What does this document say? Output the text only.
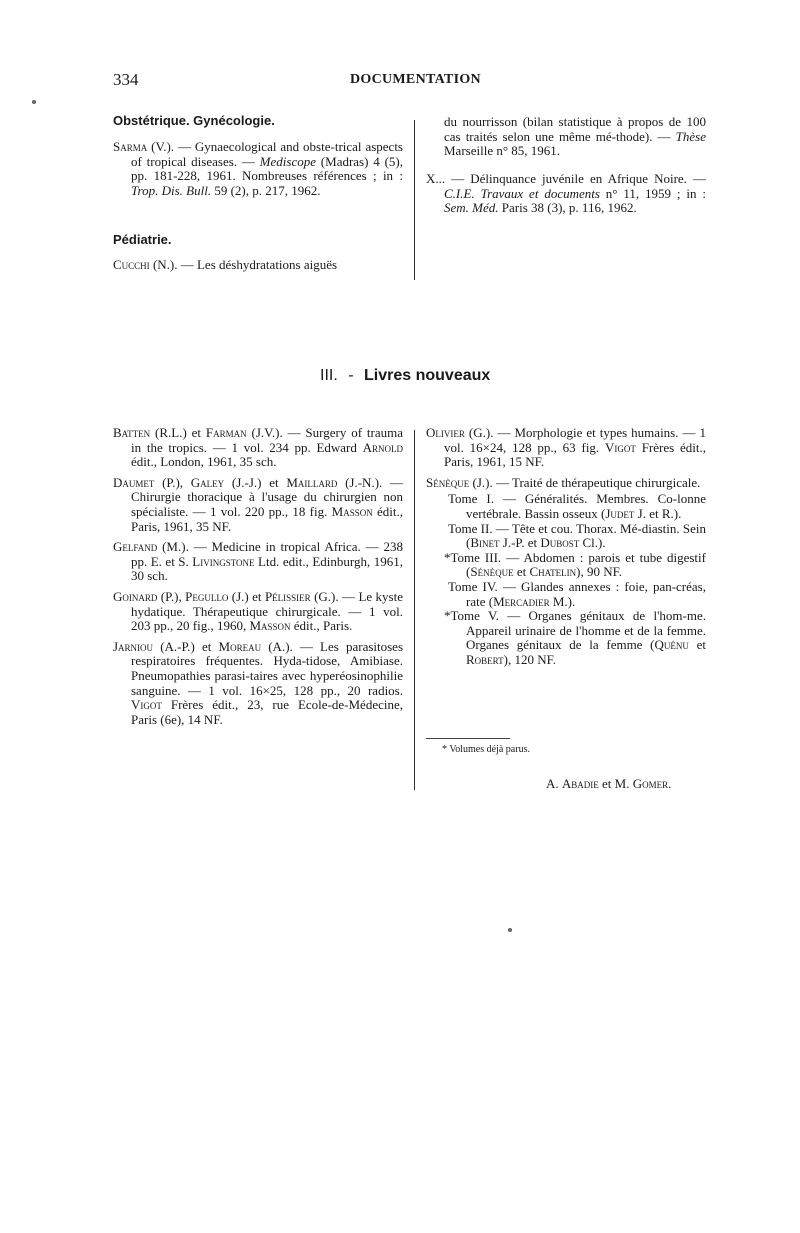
334	DOCUMENTATION
Obstétrique. Gynécologie.

Sarma (V.). — Gynaecological and obste-trical aspects of tropical diseases. — Mediscope (Madras) 4 (5), pp. 181-228, 1961. Nombreuses références ; in : Trop. Dis. Bull. 59 (2), p. 217, 1962.

Pédiatrie.

Cucchi (N.). — Les déshydratations aiguës

du nourrisson (bilan statistique à propos de 100 cas traités selon une même mé-thode). — Thèse Marseille n° 85, 1961.

X... — Délinquance juvénile en Afrique Noire. — C.I.E. Travaux et documents n° 11, 1959 ; in : Sem. Méd. Paris 38 (3), p. 116, 1962.

III. - Livres nouveaux

Batten (R.L.) et Farman (J.V.). — Surgery of trauma in the tropics. — 1 vol. 234 pp. Edward Arnold édit., London, 1961, 35 sch.

Daumet (P.), Galey (J.-J.) et Maillard (J.-N.). — Chirurgie thoracique à l'usage du chirurgien non spécialiste. — 1 vol. 220 pp., 18 fig. Masson édit., Paris, 1961, 35 NF.

Gelfand (M.). — Medicine in tropical Africa. — 238 pp. E. et S. Livingstone Ltd. edit., Edinburgh, 1961, 30 sch.

Goinard (P.), Pegullo (J.) et Pélissier (G.). — Le kyste hydatique. Thérapeutique chirurgicale. — 1 vol. 203 pp., 20 fig., 1960, Masson édit., Paris.

Jarniou (A.-P.) et Moreau (A.). — Les parasitoses respiratoires fréquentes. Hyda-tidose, Amibiase. Pneumopathies parasi-taires avec hyperéosinophilie sanguine. — 1 vol. 16×25, 128 pp., 20 radios. Vigot Frères édit., 23, rue Ecole-de-Médecine, Paris (6e), 14 NF.

Olivier (G.). — Morphologie et types humains. — 1 vol. 16×24, 128 pp., 63 fig. Vigot Frères édit., Paris, 1961, 15 NF.

Sénèque (J.). — Traité de thérapeutique chirurgicale.

Tome I. — Généralités. Membres. Co-lonne vertébrale. Bassin osseux (Judet J. et R.).

Tome II. — Tête et cou. Thorax. Mé-diastin. Sein (Binet J.-P. et Dubost Cl.).

*Tome III. — Abdomen : parois et tube digestif (Sénèque et Chatelin), 90 NF.

Tome IV. — Glandes annexes : foie, pan-créas, rate (Mercadier M.).

*Tome V. — Organes génitaux de l'hom-me. Appareil urinaire de l'homme et de la femme. Organes génitaux de la femme (Quénu et Robert), 120 NF.

* Volumes déjà parus.
A. Abadie et M. Gomer.
